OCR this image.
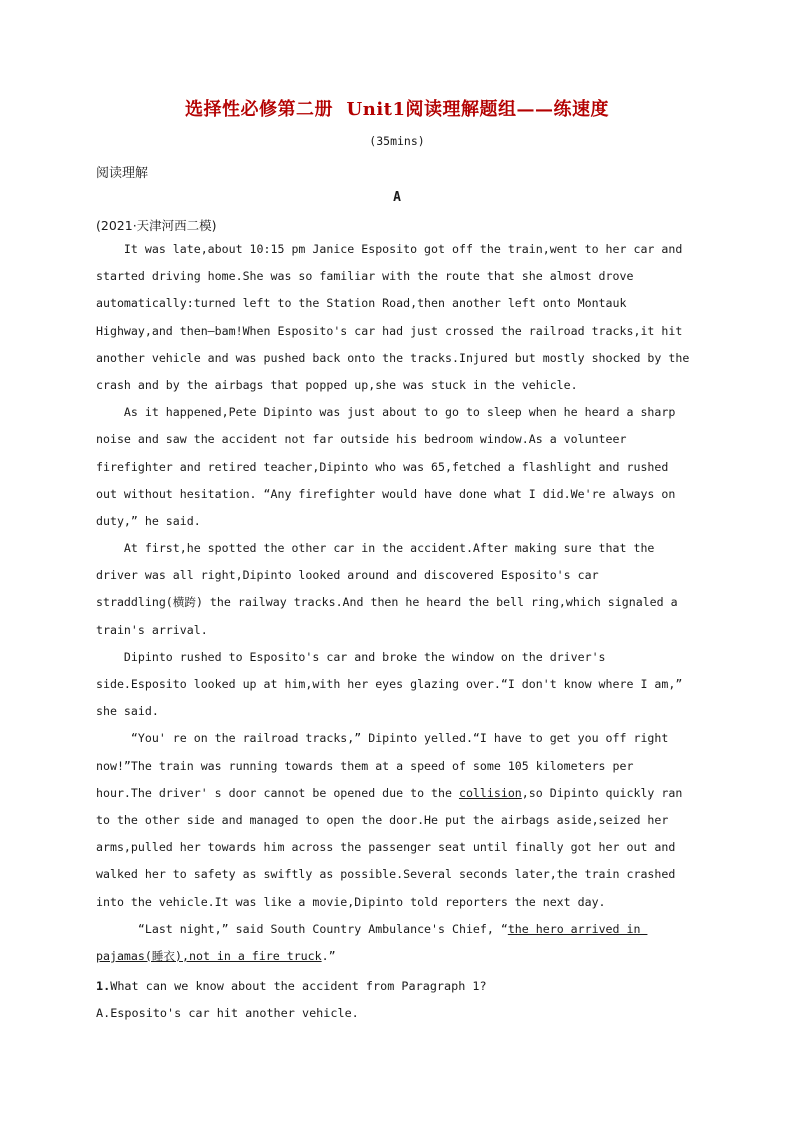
选择性必修第二册  Unit1阅读理解题组——练速度
(35mins)
阅读理解
A
(2021·天津河西二模)
It was late,about 10:15 pm Janice Esposito got off the train,went to her car and
started driving home.She was so familiar with the route that she almost drove
automatically:turned left to the Station Road,then another left onto Montauk
Highway,and then—bam!When Esposito's car had just crossed the railroad tracks,it hit
another vehicle and was pushed back onto the tracks.Injured but mostly shocked by the
crash and by the airbags that popped up,she was stuck in the vehicle.
As it happened,Pete Dipinto was just about to go to sleep when he heard a sharp
noise and saw the accident not far outside his bedroom window.As a volunteer
firefighter and retired teacher,Dipinto who was 65,fetched a flashlight and rushed
out without hesitation. “Any firefighter would have done what I did.We're always on
duty,” he said.
At first,he spotted the other car in the accident.After making sure that the
driver was all right,Dipinto looked around and discovered Esposito's car
straddling(横跨) the railway tracks.And then he heard the bell ring,which signaled a
train's arrival.
Dipinto rushed to Esposito's car and broke the window on the driver's
side.Esposito looked up at him,with her eyes glazing over.“I don't know where I am,”
she said.
“You' re on the railroad tracks,” Dipinto yelled.“I have to get you off right
now!”The train was running towards them at a speed of some 105 kilometers per
hour.The driver' s door cannot be opened due to the collision,so Dipinto quickly ran
to the other side and managed to open the door.He put the airbags aside,seized her
arms,pulled her towards him across the passenger seat until finally got her out and
walked her to safety as swiftly as possible.Several seconds later,the train crashed
into the vehicle.It was like a movie,Dipinto told reporters the next day.
“Last night,” said South Country Ambulance's Chief, “the hero arrived in
pajamas(睡衣),not in a fire truck.”
1.What can we know about the accident from Paragraph 1?
A.Esposito's car hit another vehicle.
